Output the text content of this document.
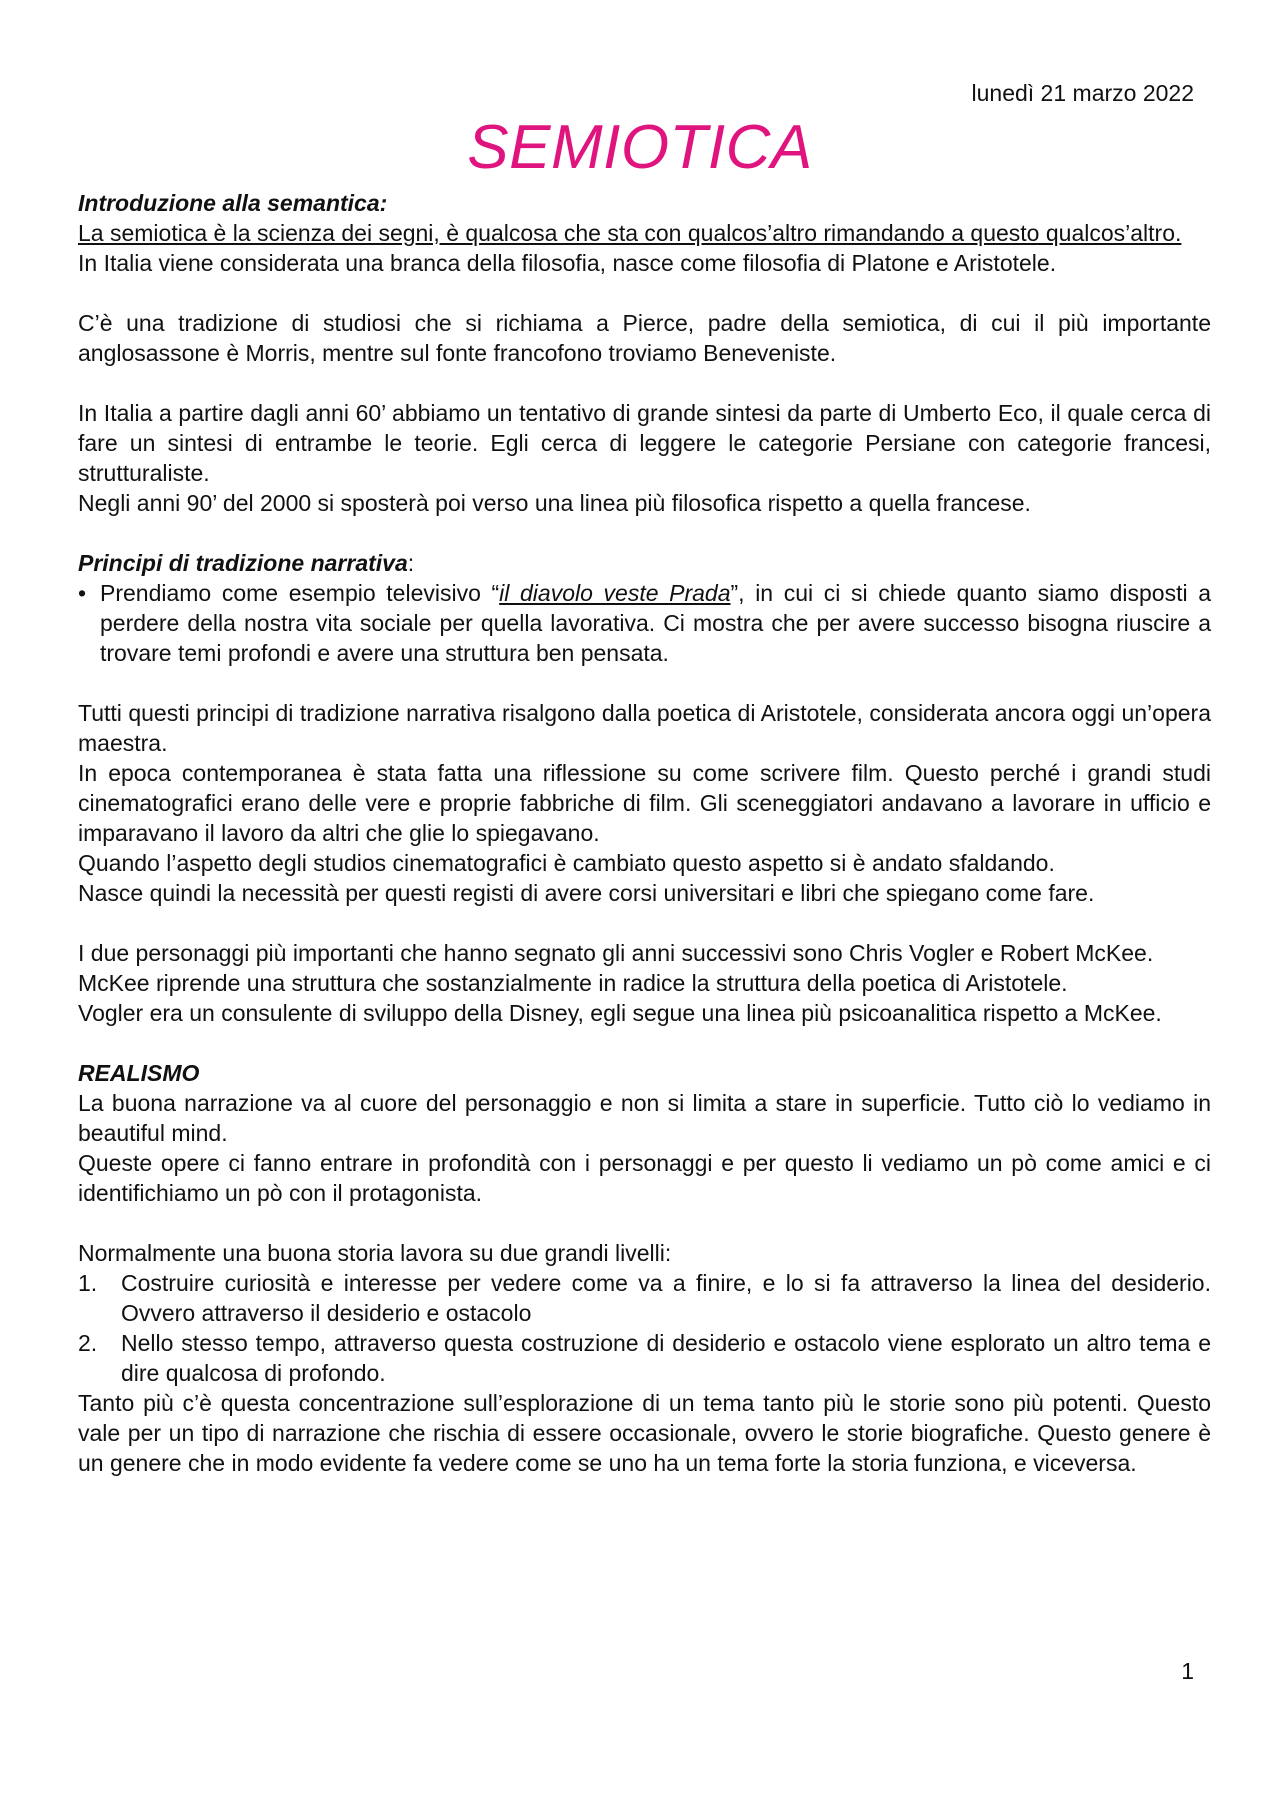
lunedì 21 marzo 2022
SEMIOTICA

Introduzione alla semantica:

La semiotica è la scienza dei segni, è qualcosa che sta con qualcos’altro rimandando a questo qualcos’altro.

In Italia viene considerata una branca della filosofia, nasce come filosofia di Platone e Aristotele.

C’è una tradizione di studiosi che si richiama a Pierce, padre della semiotica, di cui il più importante anglosassone è Morris, mentre sul fonte francofono troviamo Beneveniste.

In Italia a partire dagli anni 60’ abbiamo un tentativo di grande sintesi da parte di Umberto Eco, il quale cerca di fare un sintesi di entrambe le teorie. Egli cerca di leggere le categorie Persiane con categorie francesi, strutturaliste.

Negli anni 90’ del 2000 si sposterà poi verso una linea più filosofica rispetto a quella francese.

Principi di tradizione narrativa:

• Prendiamo come esempio televisivo “il diavolo veste Prada”, in cui ci si chiede quanto siamo disposti a perdere della nostra vita sociale per quella lavorativa. Ci mostra che per avere successo bisogna riuscire a trovare temi profondi e avere una struttura ben pensata.

Tutti questi principi di tradizione narrativa risalgono dalla poetica di Aristotele, considerata ancora oggi un’opera maestra.

In epoca contemporanea è stata fatta una riflessione su come scrivere film. Questo perché i grandi studi cinematografici erano delle vere e proprie fabbriche di film. Gli sceneggiatori andavano a lavorare in ufficio e imparavano il lavoro da altri che glie lo spiegavano.

Quando l’aspetto degli studios cinematografici è cambiato questo aspetto si è andato sfaldando.

Nasce quindi la necessità per questi registi di avere corsi universitari e libri che spiegano come fare.

I due personaggi più importanti che hanno segnato gli anni successivi sono Chris Vogler e Robert McKee.

McKee riprende una struttura che sostanzialmente in radice la struttura della poetica di Aristotele.

Vogler era un consulente di sviluppo della Disney, egli segue una linea più psicoanalitica rispetto a McKee.

REALISMO

La buona narrazione va al cuore del personaggio e non si limita a stare in superficie. Tutto ciò lo vediamo in beautiful mind.

Queste opere ci fanno entrare in profondità con i personaggi e per questo li vediamo un pò come amici e ci identifichiamo un pò con il protagonista.

Normalmente una buona storia lavora su due grandi livelli:

1. Costruire curiosità e interesse per vedere come va a finire, e lo si fa attraverso la linea del desiderio. Ovvero attraverso il desiderio e ostacolo
2. Nello stesso tempo, attraverso questa costruzione di desiderio e ostacolo viene esplorato un altro tema e dire qualcosa di profondo.

Tanto più c’è questa concentrazione sull’esplorazione di un tema tanto più le storie sono più potenti. Questo vale per un tipo di narrazione che rischia di essere occasionale, ovvero le storie biografiche. Questo genere è un genere che in modo evidente fa vedere come se uno ha un tema forte la storia funziona, e viceversa.

1
